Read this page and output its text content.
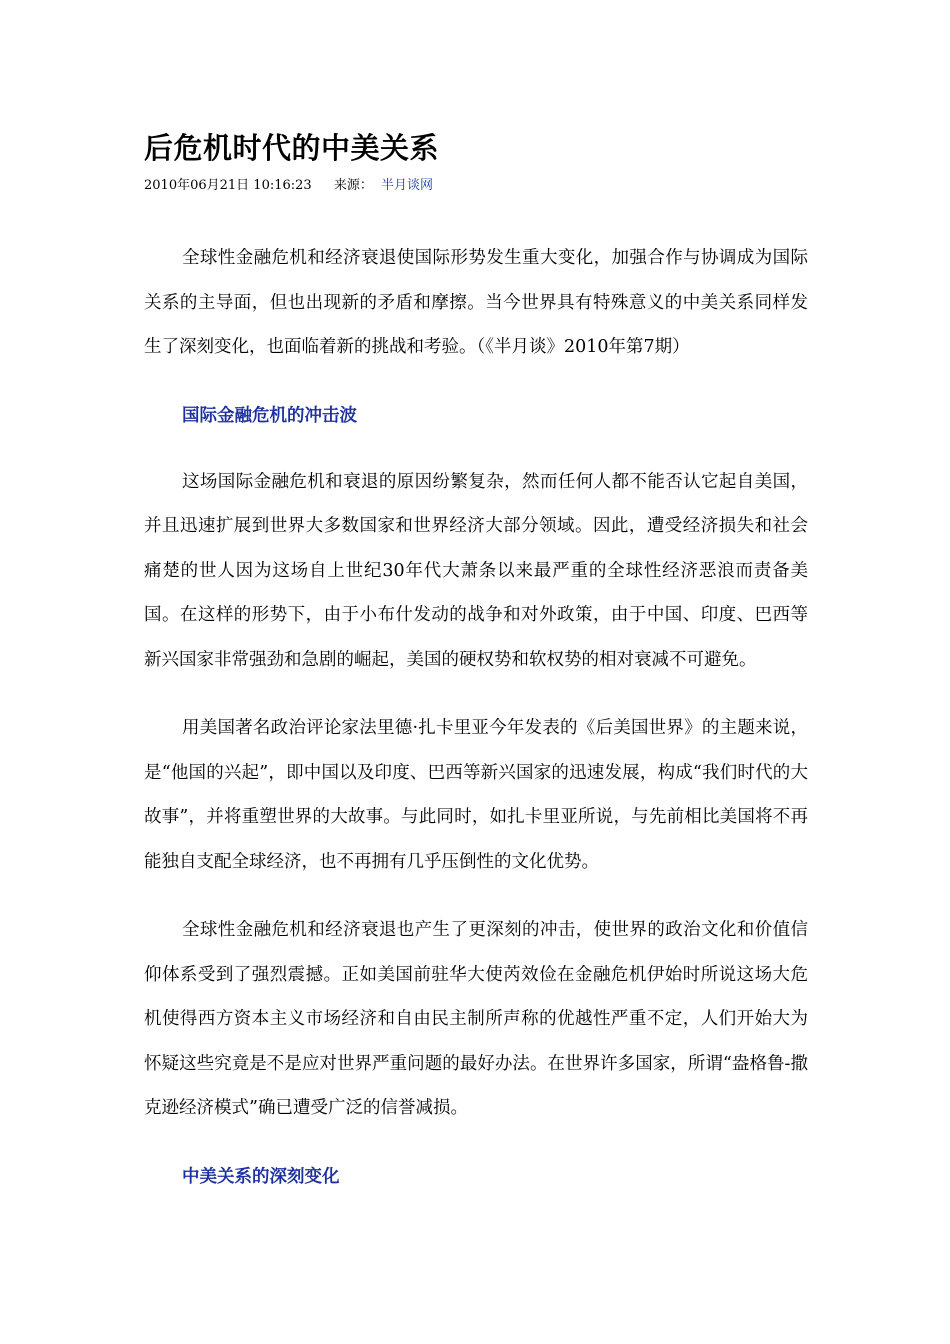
后危机时代的中美关系
2010年06月21日 10:16:23 来源： 半月谈网

全球性金融危机和经济衰退使国际形势发生重大变化，加强合作与协调成为国际关系的主导面，但也出现新的矛盾和摩擦。当今世界具有特殊意义的中美关系同样发生了深刻变化，也面临着新的挑战和考验。（《半月谈》2010年第7期）

国际金融危机的冲击波

这场国际金融危机和衰退的原因纷繁复杂，然而任何人都不能否认它起自美国，并且迅速扩展到世界大多数国家和世界经济大部分领域。因此，遭受经济损失和社会痛楚的世人因为这场自上世纪30年代大萧条以来最严重的全球性经济恶浪而责备美国。在这样的形势下，由于小布什发动的战争和对外政策，由于中国、印度、巴西等新兴国家非常强劲和急剧的崛起，美国的硬权势和软权势的相对衰减不可避免。

用美国著名政治评论家法里德·扎卡里亚今年发表的《后美国世界》的主题来说，是“他国的兴起”，即中国以及印度、巴西等新兴国家的迅速发展，构成“我们时代的大故事”，并将重塑世界的大故事。与此同时，如扎卡里亚所说，与先前相比美国将不再能独自支配全球经济，也不再拥有几乎压倒性的文化优势。

全球性金融危机和经济衰退也产生了更深刻的冲击，使世界的政治文化和价值信仰体系受到了强烈震撼。正如美国前驻华大使芮效俭在金融危机伊始时所说这场大危机使得西方资本主义市场经济和自由民主制所声称的优越性严重不定，人们开始大为怀疑这些究竟是不是应对世界严重问题的最好办法。在世界许多国家，所谓“盎格鲁-撒克逊经济模式”确已遭受广泛的信誉减损。

中美关系的深刻变化
